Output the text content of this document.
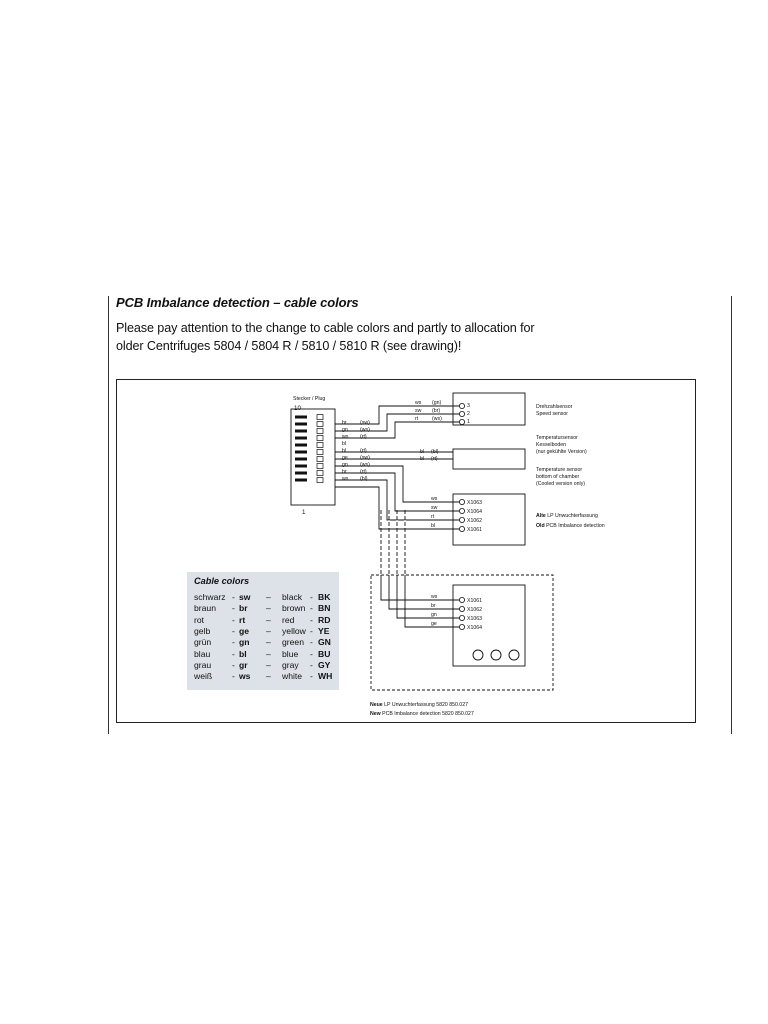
PCB Imbalance detection – cable colors
Please pay attention to the change to cable colors and partly to allocation for
older Centrifuges 5804 / 5804 R / 5810 / 5810 R (see drawing)!
Stecker / Plug
10
1
br	(sw)
gn (ws)
ws (rt)
bl
bl	(rt)
ge (sw)
gn (ws)
br	(rt)
ws (bl)
ws (gn)	3
sw (br)	2
rt	(ws)	1
Drehzahlsensor
Speed sensor
bl (bl)
bl (rt)
Temperatursensor
Kesselboden
(nur gekühlte Version)
Temperature sensor
bottom of chamber
(Cooled version only)
ws
X1063
sw
X1064
rt
X1062
bl
X1061
Alte LP Unwuchterfassung
Old PCB Imbalance detection
ws
X1061
br
X1062
gn
X1063
ge
X1064
Neue LP Unwuchterfassung 5820 850.027
New PCB Imbalance detection 5820 850.027
Cable colors
schwarz - sw – black - BK
braun - br – brown - BN
rot	- rt – red - RD
gelb	- ge – yellow - YE
grün - gn – green - GN
blau	- bl – blue - BU
grau - gr – gray - GY
weiß - ws – white - WH
